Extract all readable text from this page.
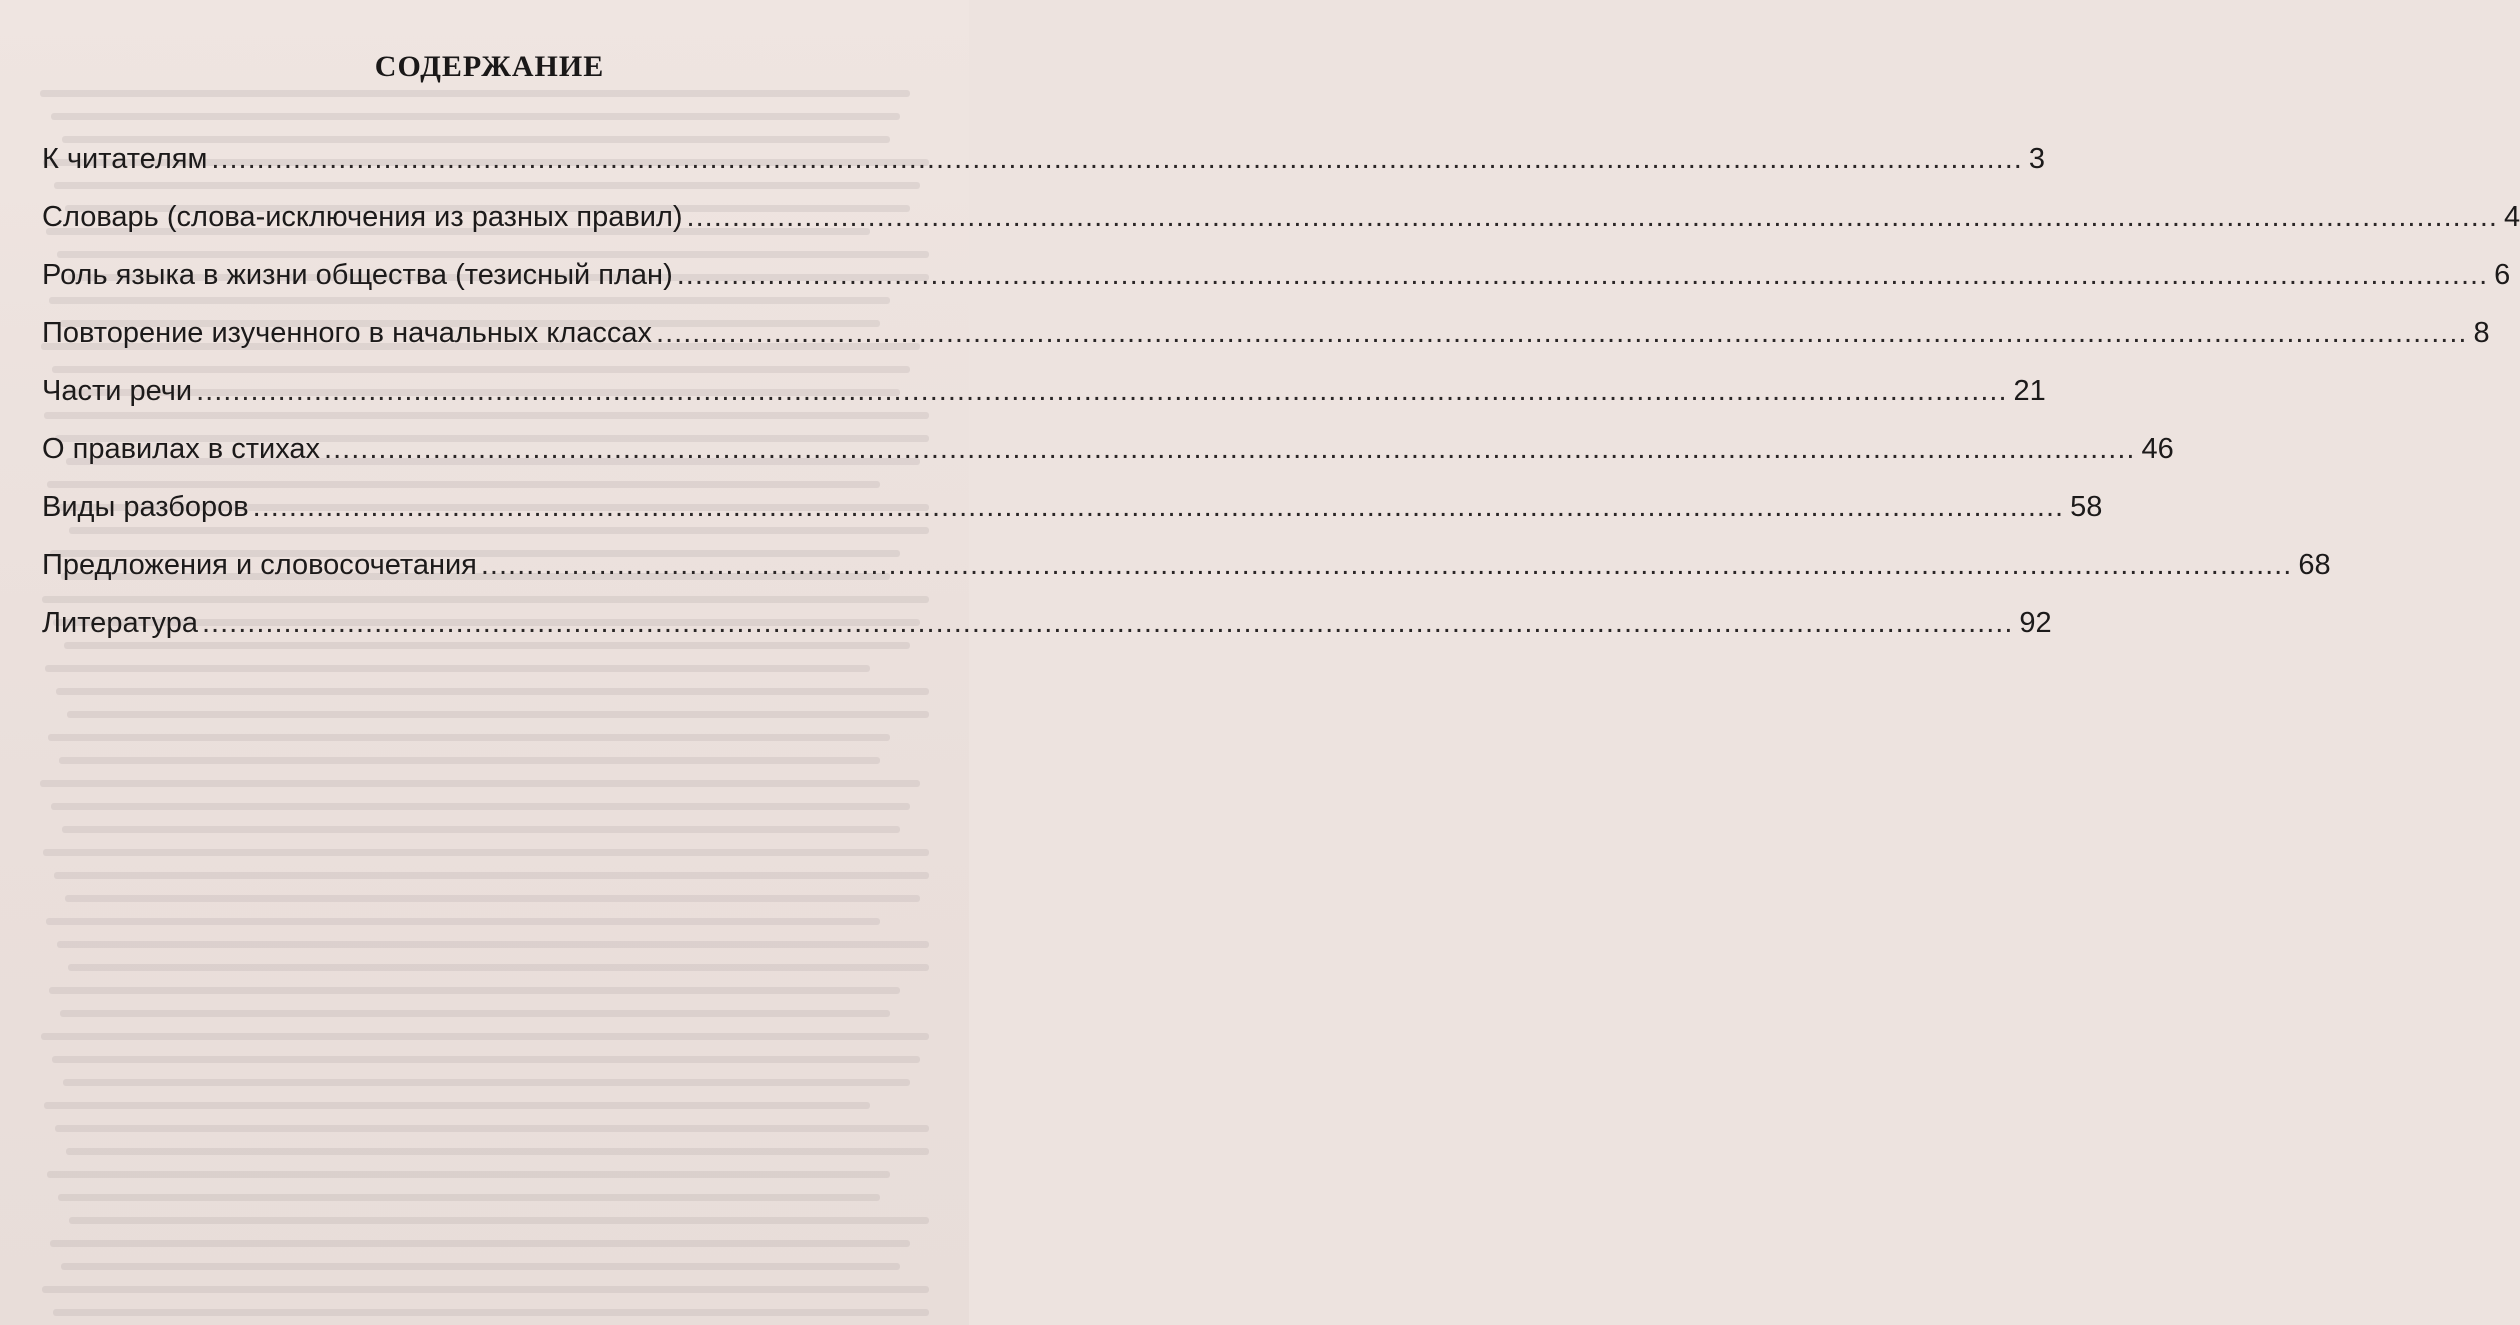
СОДЕРЖАНИЕ
К читателям ........................................................................................................................................................................................................ 3
Словарь (слова-исключения из разных правил) ........................................................................................................................................................................................................ 4
Роль языка в жизни общества (тезисный план) ........................................................................................................................................................................................................ 6
Повторение изученного в начальных классах ........................................................................................................................................................................................................ 8
Части речи ........................................................................................................................................................................................................ 21
О правилах в стихах ........................................................................................................................................................................................................ 46
Виды разборов ........................................................................................................................................................................................................ 58
Предложения и словосочетания ........................................................................................................................................................................................................ 68
Литература ........................................................................................................................................................................................................ 92
